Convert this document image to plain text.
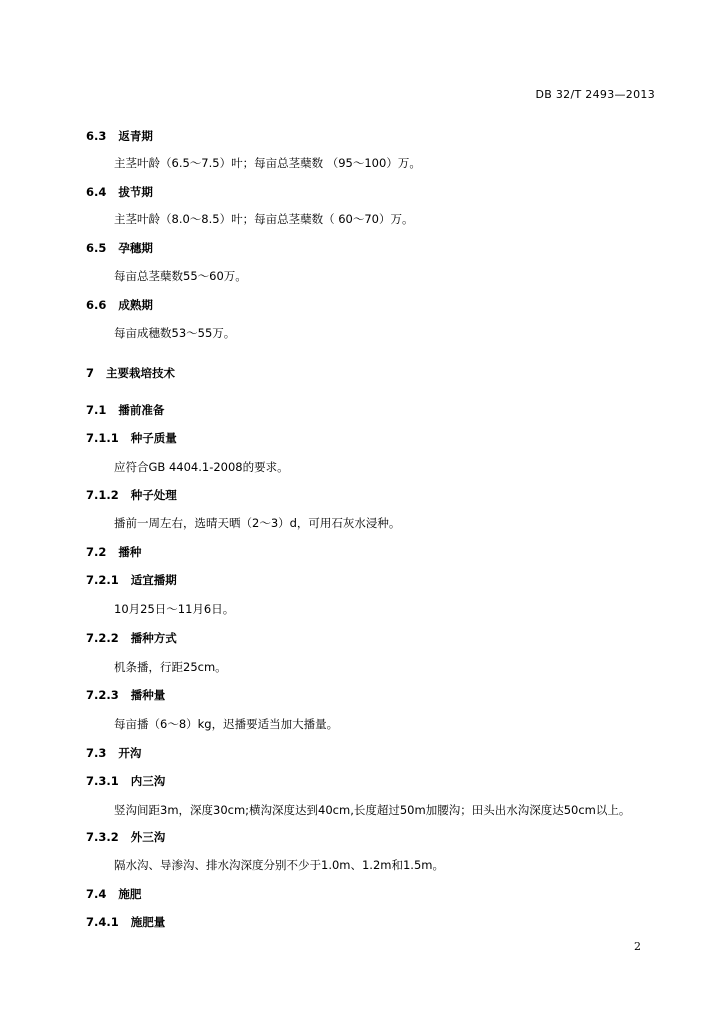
DB 32/T 2493—2013
6.3 返青期
主茎叶龄（6.5～7.5）叶；每亩总茎蘖数 （95～100）万。
6.4 拔节期
主茎叶龄（8.0～8.5）叶；每亩总茎蘖数（ 60～70）万。
6.5 孕穗期
每亩总茎蘖数55～60万。
6.6 成熟期
每亩成穗数53～55万。
7 主要栽培技术
7.1 播前准备
7.1.1 种子质量
应符合GB 4404.1-2008的要求。
7.1.2 种子处理
播前一周左右，选晴天晒（2～3）d，可用石灰水浸种。
7.2 播种
7.2.1 适宜播期
10月25日～11月6日。
7.2.2 播种方式
机条播，行距25cm。
7.2.3 播种量
每亩播（6～8）kg，迟播要适当加大播量。
7.3 开沟
7.3.1 内三沟
竖沟间距3m，深度30cm;横沟深度达到40cm,长度超过50m加腰沟；田头出水沟深度达50cm以上。
7.3.2 外三沟
隔水沟、导渗沟、排水沟深度分别不少于1.0m、1.2m和1.5m。
7.4 施肥
7.4.1 施肥量
2
